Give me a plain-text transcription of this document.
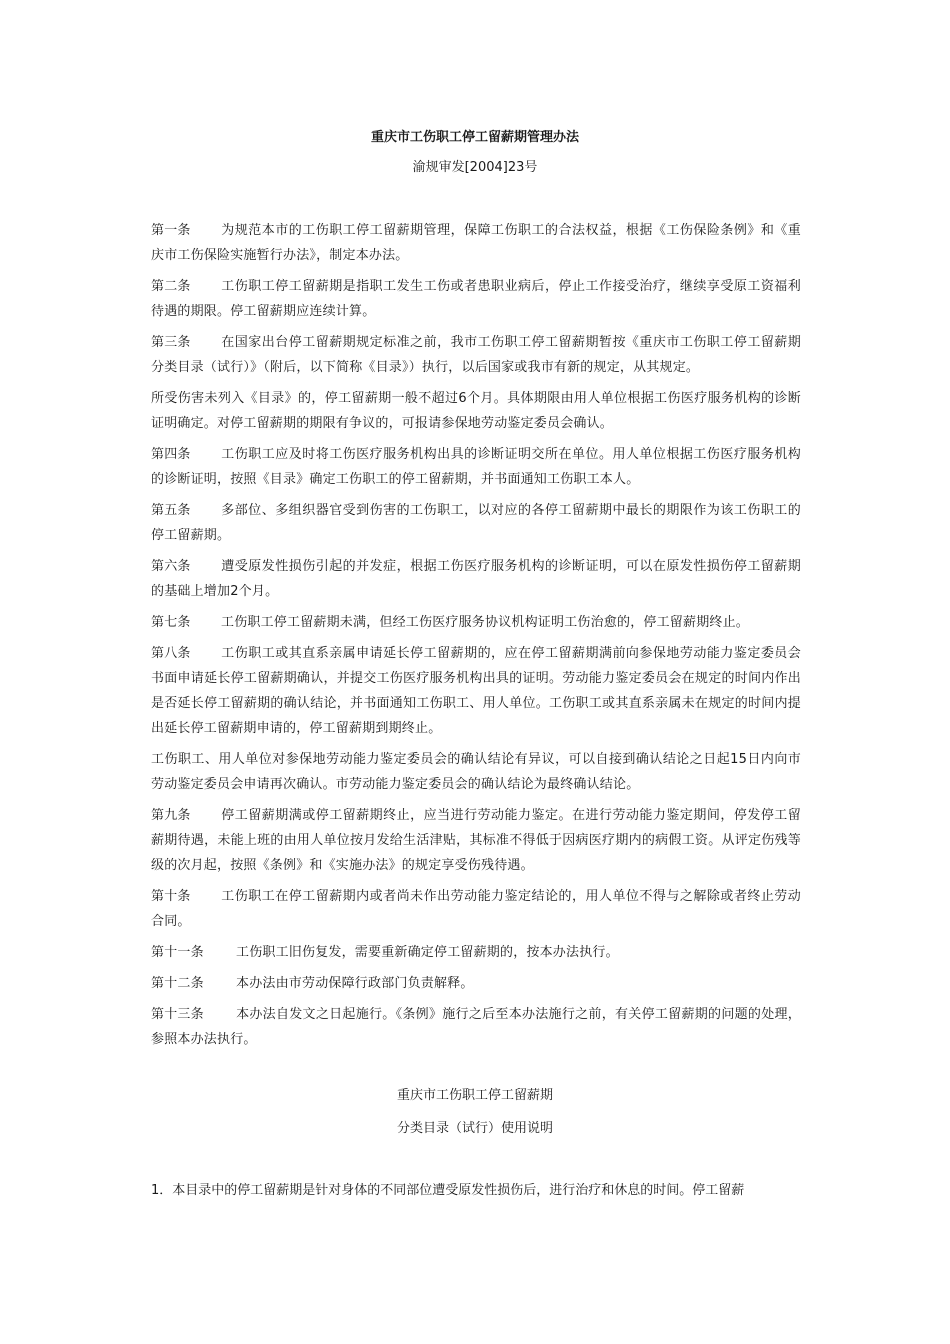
重庆市工伤职工停工留薪期管理办法
渝规审发[2004]23号

第一条 为规范本市的工伤职工停工留薪期管理，保障工伤职工的合法权益，根据《工伤保险条例》和《重庆市工伤保险实施暂行办法》，制定本办法。

第二条 工伤职工停工留薪期是指职工发生工伤或者患职业病后，停止工作接受治疗，继续享受原工资福利待遇的期限。停工留薪期应连续计算。

第三条 在国家出台停工留薪期规定标准之前，我市工伤职工停工留薪期暂按《重庆市工伤职工停工留薪期分类目录（试行）》（附后，以下简称《目录》）执行，以后国家或我市有新的规定，从其规定。

所受伤害未列入《目录》的，停工留薪期一般不超过6个月。具体期限由用人单位根据工伤医疗服务机构的诊断证明确定。对停工留薪期的期限有争议的，可报请参保地劳动鉴定委员会确认。

第四条 工伤职工应及时将工伤医疗服务机构出具的诊断证明交所在单位。用人单位根据工伤医疗服务机构的诊断证明，按照《目录》确定工伤职工的停工留薪期，并书面通知工伤职工本人。

第五条 多部位、多组织器官受到伤害的工伤职工，以对应的各停工留薪期中最长的期限作为该工伤职工的停工留薪期。

第六条 遭受原发性损伤引起的并发症，根据工伤医疗服务机构的诊断证明，可以在原发性损伤停工留薪期的基础上增加2个月。

第七条 工伤职工停工留薪期未满，但经工伤医疗服务协议机构证明工伤治愈的，停工留薪期终止。

第八条 工伤职工或其直系亲属申请延长停工留薪期的，应在停工留薪期满前向参保地劳动能力鉴定委员会书面申请延长停工留薪期确认，并提交工伤医疗服务机构出具的证明。劳动能力鉴定委员会在规定的时间内作出是否延长停工留薪期的确认结论，并书面通知工伤职工、用人单位。工伤职工或其直系亲属未在规定的时间内提出延长停工留薪期申请的，停工留薪期到期终止。

工伤职工、用人单位对参保地劳动能力鉴定委员会的确认结论有异议，可以自接到确认结论之日起15日内向市劳动鉴定委员会申请再次确认。市劳动能力鉴定委员会的确认结论为最终确认结论。

第九条 停工留薪期满或停工留薪期终止，应当进行劳动能力鉴定。在进行劳动能力鉴定期间，停发停工留薪期待遇，未能上班的由用人单位按月发给生活津贴，其标准不得低于因病医疗期内的病假工资。从评定伤残等级的次月起，按照《条例》和《实施办法》的规定享受伤残待遇。

第十条 工伤职工在停工留薪期内或者尚未作出劳动能力鉴定结论的，用人单位不得与之解除或者终止劳动合同。

第十一条 工伤职工旧伤复发，需要重新确定停工留薪期的，按本办法执行。

第十二条 本办法由市劳动保障行政部门负责解释。

第十三条 本办法自发文之日起施行。《条例》施行之后至本办法施行之前，有关停工留薪期的问题的处理，参照本办法执行。

重庆市工伤职工停工留薪期
分类目录（试行）使用说明
1．本目录中的停工留薪期是针对身体的不同部位遭受原发性损伤后，进行治疗和休息的时间。停工留薪
